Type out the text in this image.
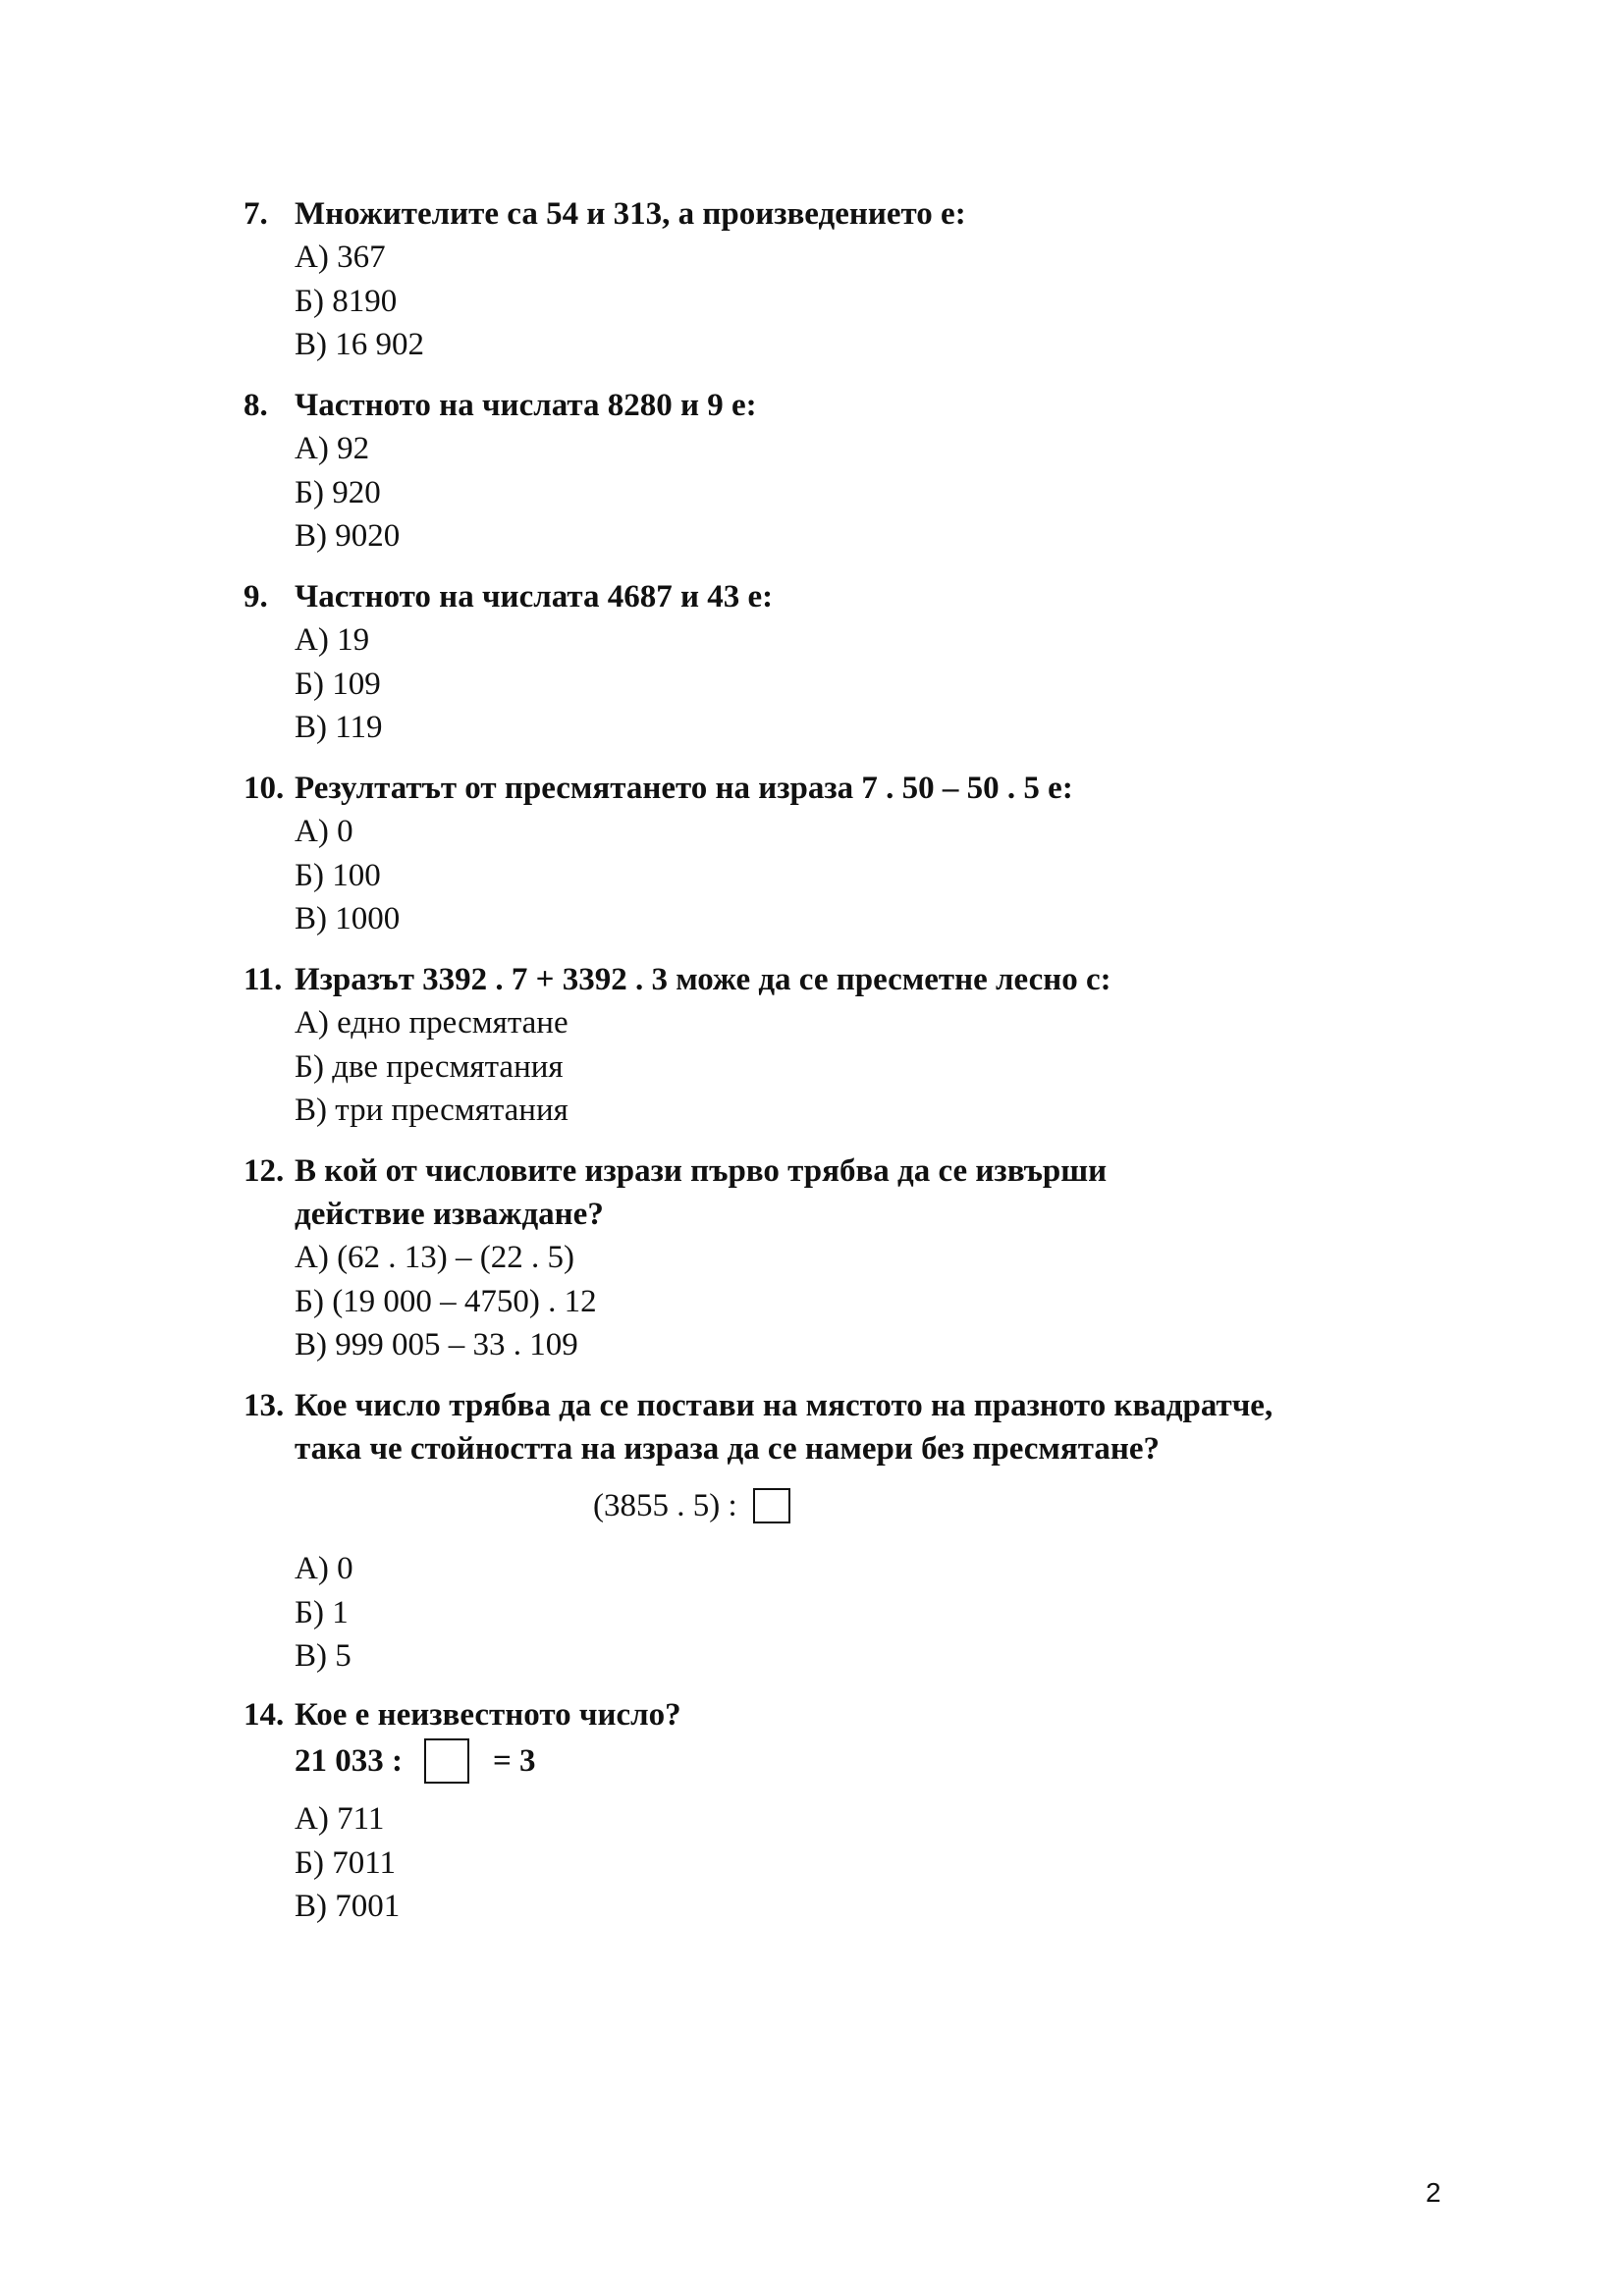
7. Множителите са 54 и 313, а произведението е:
А) 367
Б) 8190
В) 16 902
8. Частното на числата 8280 и 9 е:
А) 92
Б) 920
В) 9020
9. Частното на числата 4687 и 43 е:
А) 19
Б) 109
В) 119
10. Резултатът от пресмятането на израза 7 . 50 – 50 . 5 е:
А) 0
Б) 100
В) 1000
11. Изразът 3392 . 7 + 3392 . 3 може да се пресметне лесно с:
А) едно пресмятане
Б) две пресмятания
В) три пресмятания
12. В кой от числовите изрази първо трябва да се извърши
действие изваждане?
А) (62 . 13) – (22 . 5)
Б) (19 000 – 4750) . 12
В) 999 005 – 33 . 109
13. Кое число трябва да се постави на мястото на празното квадратче,
така че стойността на израза да се намери без пресмятане?
(3855 . 5) :
А) 0
Б) 1
В) 5
14. Кое е неизвестното число?
21 033 :	= 3
А) 711
Б) 7011
В) 7001
2
